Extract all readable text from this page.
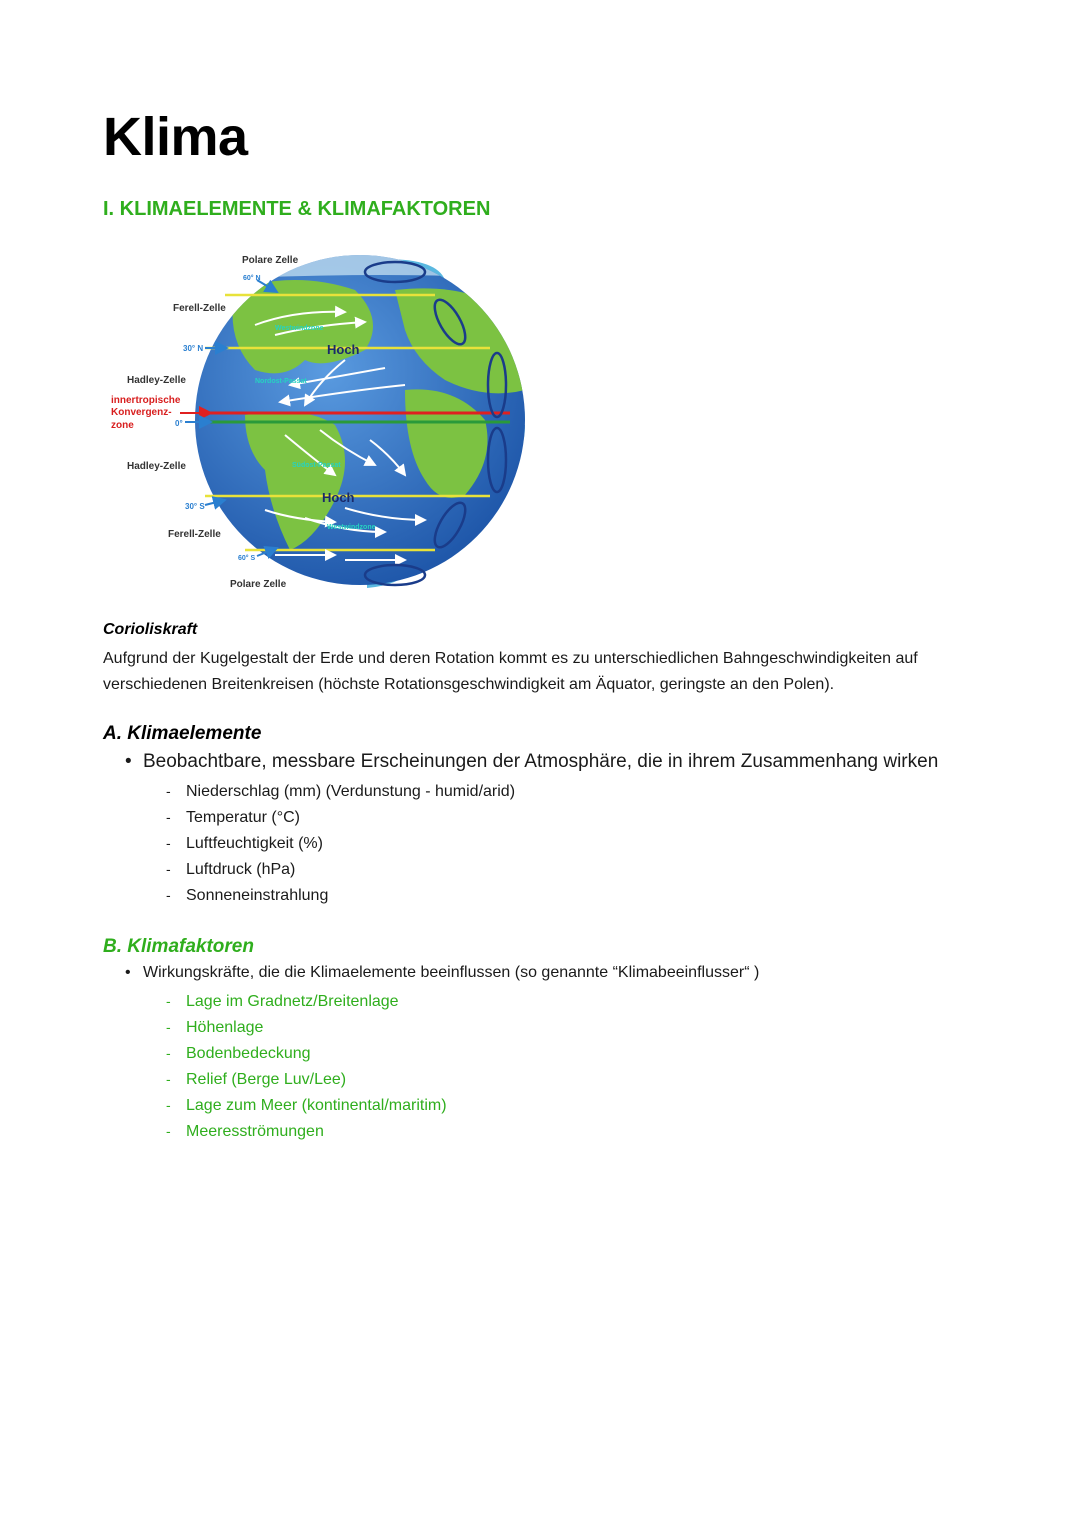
Klima
I. KLIMAELEMENTE & KLIMAFAKTOREN
Polare Zelle
60° N
Ferell-Zelle
30° N
Hadley-Zelle
innertropische
Konvergenz-
zone	0°
Hadley-Zelle
30° S
Ferell-Zelle
60° S
Polare Zelle
Hoch
Hoch
Westwindzone
Nordost-Passat
Südost-Passat
Westwindzone
Corioliskraft

Aufgrund der Kugelgestalt der Erde und deren Rotation kommt es zu unterschiedlichen Bahngeschwindigkeiten auf verschiedenen Breitenkreisen (höchste Rotationsgeschwindigkeit am Äquator, geringste an den Polen).

A. Klimaelemente
• Beobachtbare, messbare Erscheinungen der Atmosphäre, die in ihrem Zusammenhang wirken
- Niederschlag (mm) (Verdunstung - humid/arid)
- Temperatur (°C)
- Luftfeuchtigkeit (%)
- Luftdruck (hPa)
- Sonneneinstrahlung
B. Klimafaktoren
• Wirkungskräfte, die die Klimaelemente beeinflussen (so genannte “Klimabeeinflusser“ )
- Lage im Gradnetz/Breitenlage
- Höhenlage
- Bodenbedeckung
- Relief (Berge Luv/Lee)
- Lage zum Meer (kontinental/maritim)
- Meeresströmungen
